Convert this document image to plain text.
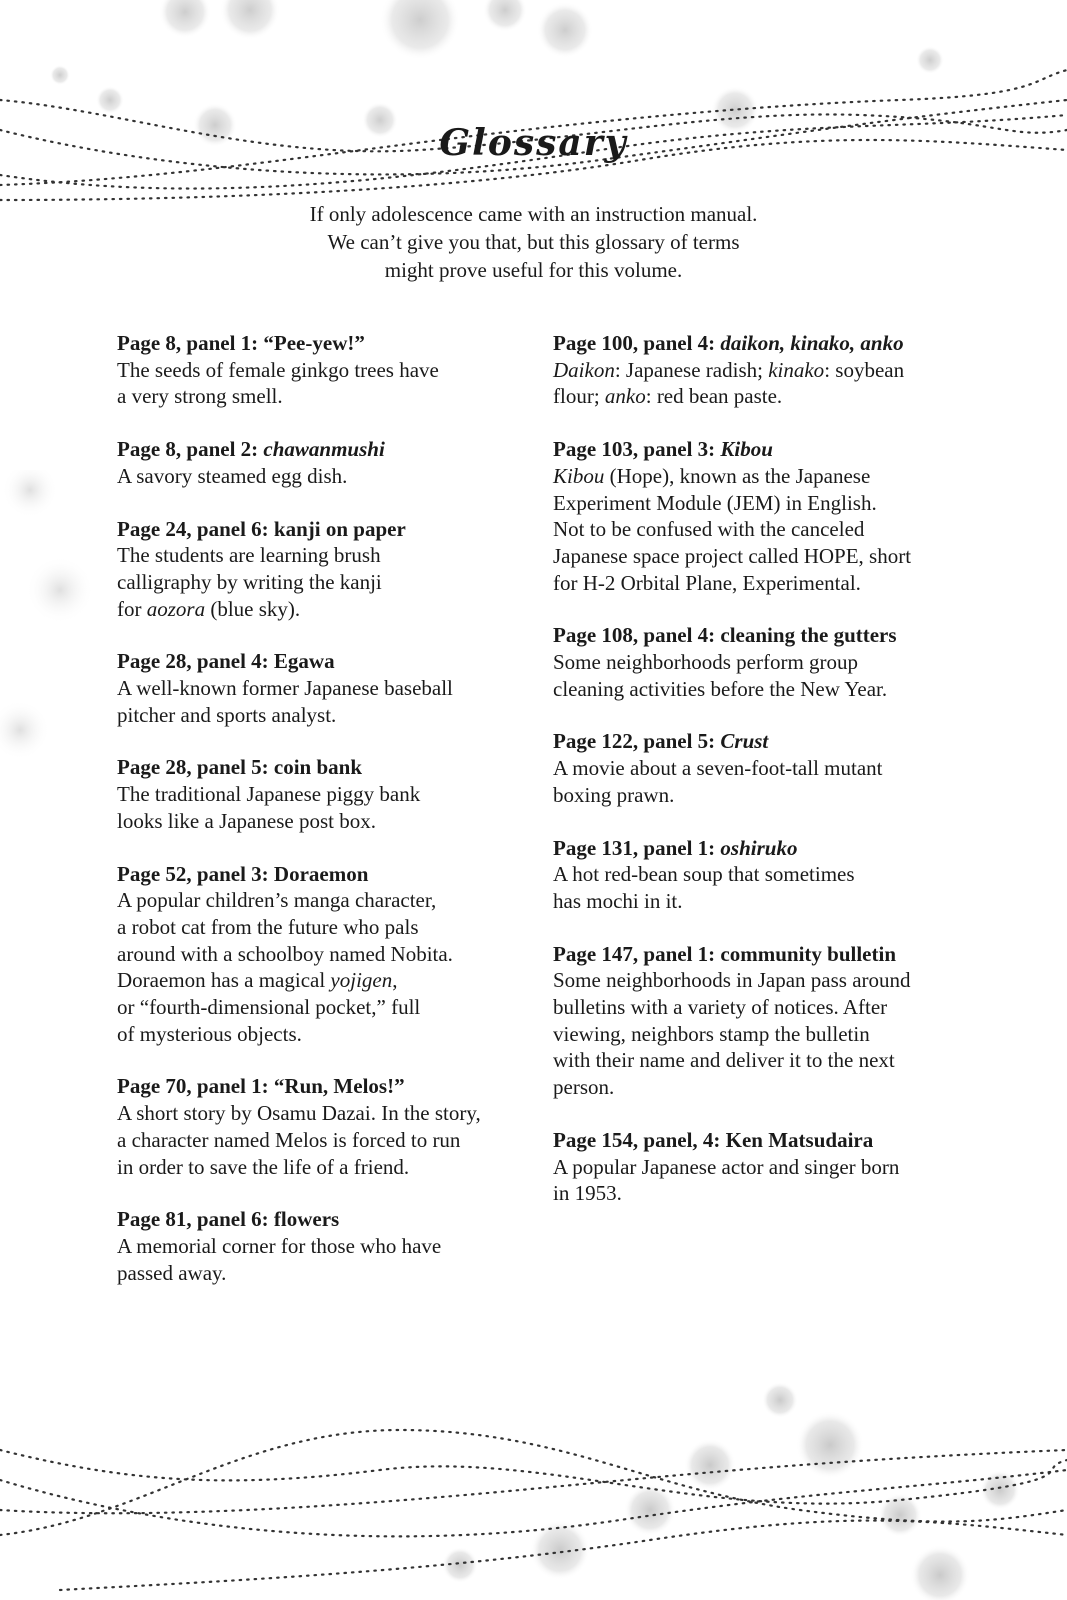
Glossary
If only adolescence came with an instruction manual.
We can’t give you that, but this glossary of terms
might prove useful for this volume.
Page 8, panel 1: “Pee-yew!”
The seeds of female ginkgo trees have
a very strong smell.
Page 8, panel 2: chawanmushi
A savory steamed egg dish.
Page 24, panel 6: kanji on paper
The students are learning brush
calligraphy by writing the kanji
for aozora (blue sky).
Page 28, panel 4: Egawa
A well-known former Japanese baseball
pitcher and sports analyst.
Page 28, panel 5: coin bank
The traditional Japanese piggy bank
looks like a Japanese post box.
Page 52, panel 3: Doraemon
A popular children’s manga character,
a robot cat from the future who pals
around with a schoolboy named Nobita.
Doraemon has a magical yojigen,
or “fourth-dimensional pocket,” full
of mysterious objects.
Page 70, panel 1: “Run, Melos!”
A short story by Osamu Dazai. In the story,
a character named Melos is forced to run
in order to save the life of a friend.
Page 81, panel 6: flowers
A memorial corner for those who have
passed away.
Page 100, panel 4: daikon, kinako, anko
Daikon: Japanese radish; kinako: soybean
flour; anko: red bean paste.
Page 103, panel 3: Kibou
Kibou (Hope), known as the Japanese
Experiment Module (JEM) in English.
Not to be confused with the canceled
Japanese space project called HOPE, short
for H-2 Orbital Plane, Experimental.
Page 108, panel 4: cleaning the gutters
Some neighborhoods perform group
cleaning activities before the New Year.
Page 122, panel 5: Crust
A movie about a seven-foot-tall mutant
boxing prawn.
Page 131, panel 1: oshiruko
A hot red-bean soup that sometimes
has mochi in it.
Page 147, panel 1: community bulletin
Some neighborhoods in Japan pass around
bulletins with a variety of notices. After
viewing, neighbors stamp the bulletin
with their name and deliver it to the next
person.
Page 154, panel, 4: Ken Matsudaira
A popular Japanese actor and singer born
in 1953.
